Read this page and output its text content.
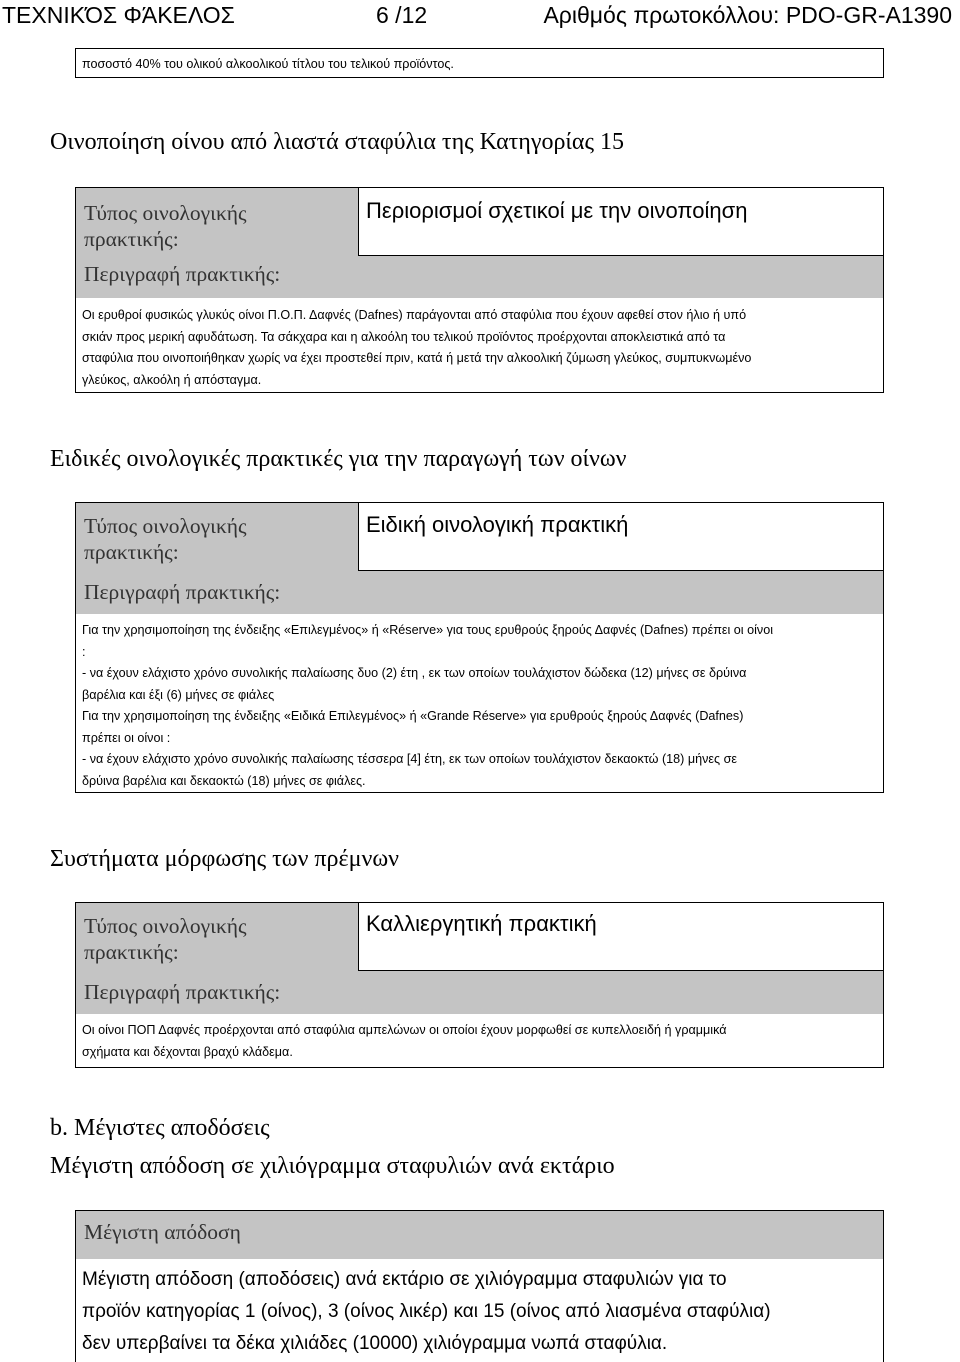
ΤΕΧΝΙΚΌΣ ΦΆΚΕΛΟΣ	6 /12	Αριθμός πρωτοκόλλου: PDO-GR-A1390
ποσοστό 40% του ολικού αλκοολικού τίτλου του τελικού προϊόντος.
Οινοποίηση οίνου από λιαστά σταφύλια της Κατηγορίας 15
Τύπος οινολογικής
πρακτικής:
Περιορισμοί σχετικοί με την οινοποίηση
Περιγραφή πρακτικής:
Οι ερυθροί φυσικώς γλυκύς οίνοι Π.Ο.Π. Δαφνές (Dafnes) παράγονται από σταφύλια που έχουν αφεθεί στον ήλιο ή υπό
σκιάν προς μερική αφυδάτωση. Τα σάκχαρα και η αλκοόλη του τελικού προϊόντος προέρχονται αποκλειστικά από τα
σταφύλια που οινοποιήθηκαν χωρίς να έχει προστεθεί πριν, κατά ή μετά την αλκοολική ζύμωση γλεύκος, συμπυκνωμένο
γλεύκος, αλκοόλη ή απόσταγμα.
Ειδικές οινολογικές πρακτικές για την παραγωγή των οίνων
Τύπος οινολογικής
πρακτικής:
Ειδική οινολογική πρακτική
Περιγραφή πρακτικής:
Για την χρησιμοποίηση της ένδειξης «Επιλεγμένος» ή «Réserve» για τους ερυθρούς ξηρούς Δαφνές (Dafnes) πρέπει οι οίνοι
:
- να έχουν ελάχιστο χρόνο συνολικής παλαίωσης δυο (2) έτη , εκ των οποίων τουλάχιστον δώδεκα (12) μήνες σε δρύινα
βαρέλια και έξι (6) μήνες σε φιάλες
Για την χρησιμοποίηση της ένδειξης «Ειδικά Επιλεγμένος» ή «Grande Réserve» για ερυθρούς ξηρούς Δαφνές (Dafnes)
πρέπει οι οίνοι :
- να έχουν ελάχιστο χρόνο συνολικής παλαίωσης τέσσερα [4] έτη, εκ των οποίων τουλάχιστον δεκαοκτώ (18) μήνες σε
δρύινα βαρέλια και δεκαοκτώ (18) μήνες σε φιάλες.
Συστήματα μόρφωσης των πρέμνων
Τύπος οινολογικής
πρακτικής:
Καλλιεργητική πρακτική
Περιγραφή πρακτικής:
Οι οίνοι ΠΟΠ Δαφνές προέρχονται από σταφύλια αμπελώνων οι οποίοι έχουν μορφωθεί σε κυπελλοειδή ή γραμμικά
σχήματα και δέχονται βραχύ κλάδεμα.
b. Μέγιστες αποδόσεις
Μέγιστη απόδοση σε χιλιόγραμμα σταφυλιών ανά εκτάριο
Μέγιστη απόδοση
Μέγιστη απόδοση (αποδόσεις) ανά εκτάριο σε χιλιόγραμμα σταφυλιών για το
προϊόν κατηγορίας 1 (οίνος), 3 (οίνος λικέρ) και 15 (οίνος από λιασμένα σταφύλια)
δεν υπερβαίνει τα δέκα χιλιάδες (10000) χιλιόγραμμα νωπά σταφύλια.
